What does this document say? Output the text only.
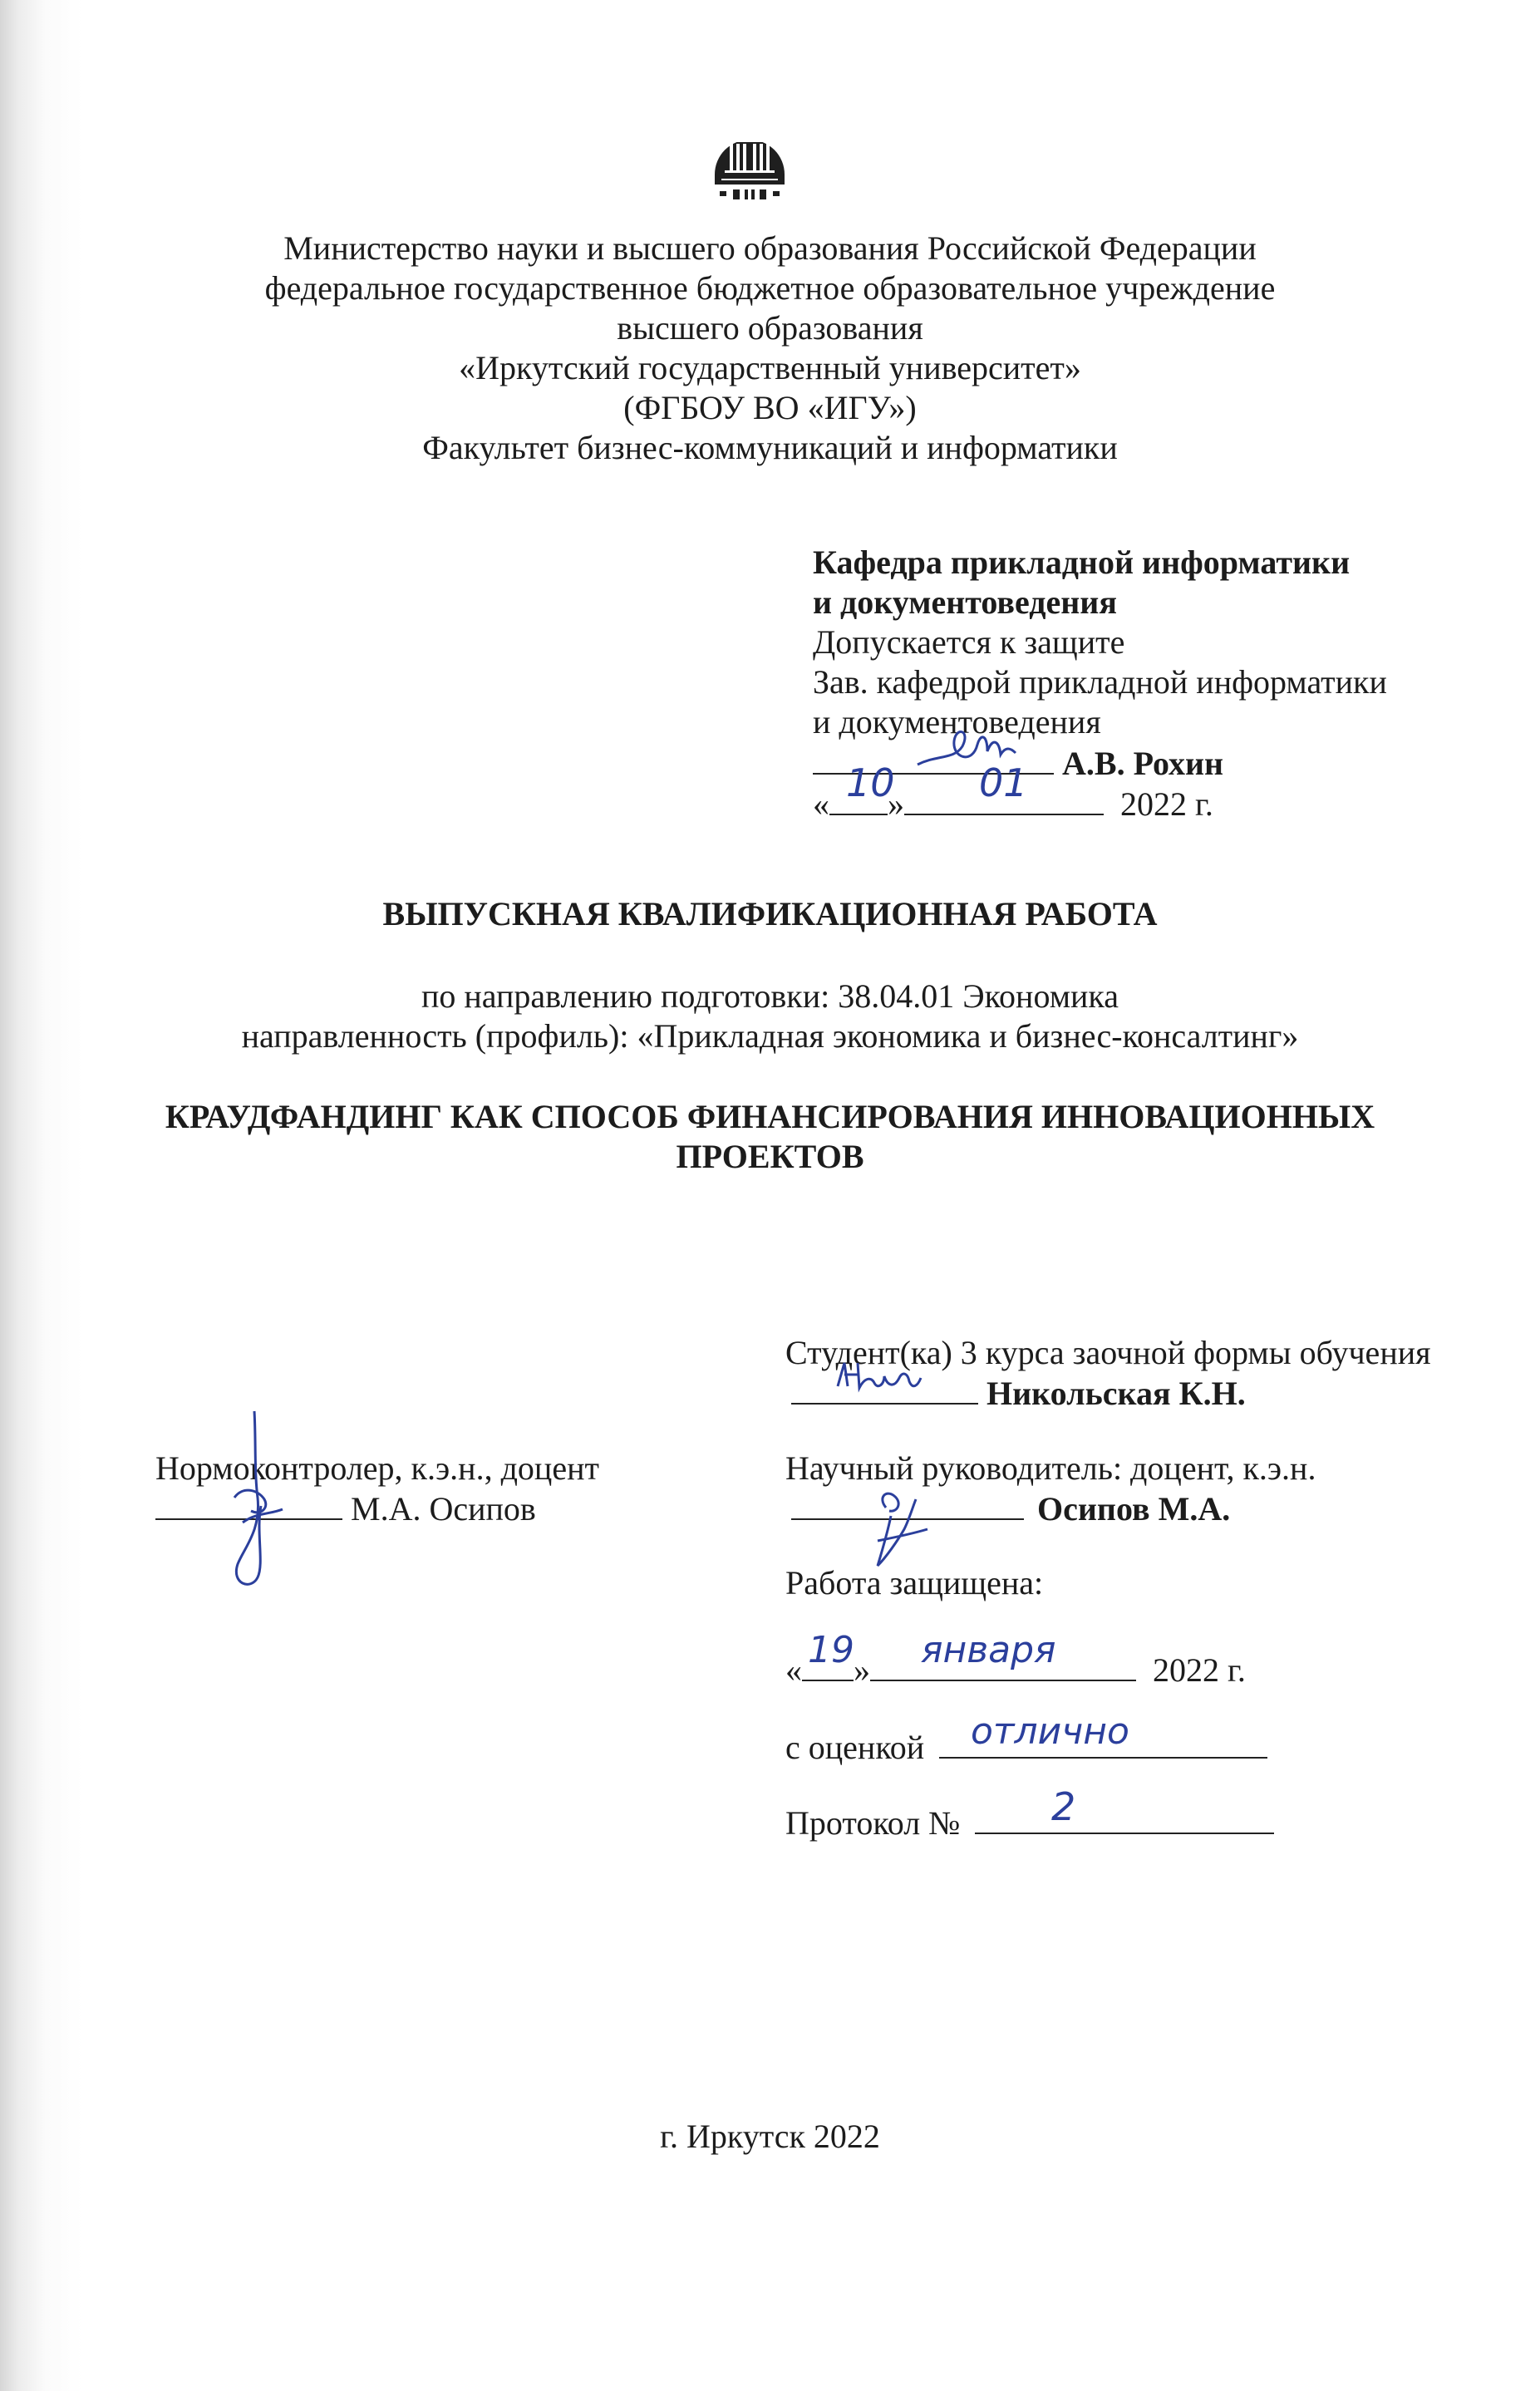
Министерство науки и высшего образования Российской Федерации
федеральное государственное бюджетное образовательное учреждение
высшего образования
«Иркутский государственный университет»
(ФГБОУ ВО «ИГУ»)
Факультет бизнес-коммуникаций и информатики
Кафедра прикладной информатики
и документоведения
Допускается к защите
Зав. кафедрой прикладной информатики
и документоведения
А.В. Рохин
« »	2022 г.
10 01
ВЫПУСКНАЯ КВАЛИФИКАЦИОННАЯ РАБОТА
по направлению подготовки: 38.04.01 Экономика
направленность (профиль): «Прикладная экономика и бизнес-консалтинг»
КРАУДФАНДИНГ КАК СПОСОБ ФИНАНСИРОВАНИЯ ИННОВАЦИОННЫХ
ПРОЕКТОВ
Студент(ка) 3 курса заочной формы обучения
Никольская К.Н.
Нормоконтролер, к.э.н., доцент
М.А. Осипов
Научный руководитель: доцент, к.э.н.
Осипов М.А.
Работа защищена:
« »	2022 г.
19 января
с оценкой	отлично
Протокол №	2
г. Иркутск 2022
